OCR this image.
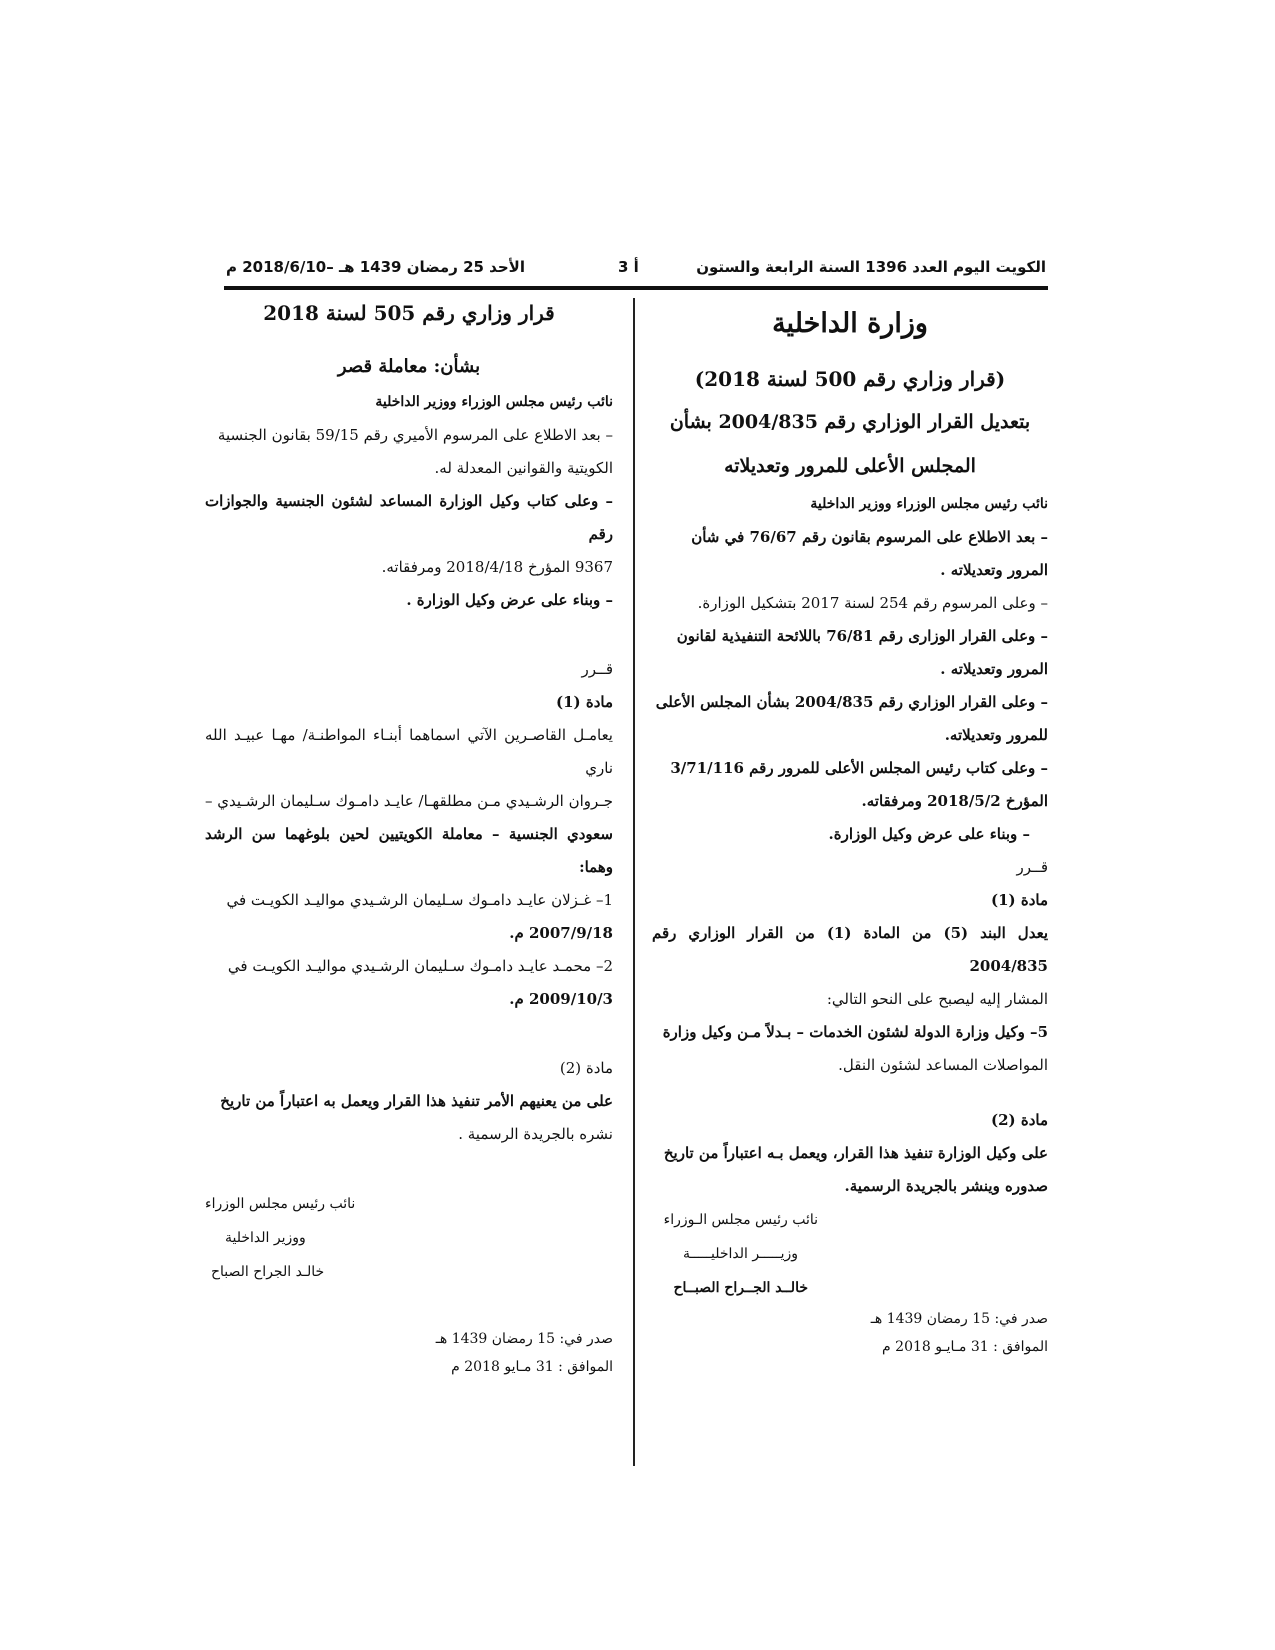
الكويت اليوم العدد 1396 السنة الرابعة والستون
أ 3
الأحد 25 رمضان 1439 هـ –2018/6/10 م

وزارة الداخلية

(قرار وزاري رقم 500 لسنة 2018)

بتعديل القرار الوزاري رقم 2004/835 بشأن

المجلس الأعلى للمرور وتعديلاته

نائب رئيس مجلس الوزراء ووزير الداخلية

– بعد الاطلاع على المرسوم بقانون رقم 76/67 في شأن

المرور وتعديلاته .

– وعلى المرسوم رقم 254 لسنة 2017 بتشكيل الوزارة.

– وعلى القرار الوزارى رقم 76/81 باللائحة التنفيذية لقانون

المرور وتعديلاته .

– وعلى القرار الوزاري رقم 2004/835 بشأن المجلس الأعلى

للمرور وتعديلاته.

– وعلى كتاب رئيس المجلس الأعلى للمرور رقم 3/71/116

المؤرخ 2018/5/2 ومرفقاته.

– وبناء على عرض وكيل الوزارة.

قــرر

مادة (1)

يعدل البند (5) من المادة (1) من القرار الوزاري رقم 2004/835

المشار إليه ليصبح على النحو التالي:

5– وكيل وزارة الدولة لشئون الخدمات – بـدلاً مـن وكيل وزارة

المواصلات المساعد لشئون النقل.

مادة (2)

على وكيل الوزارة تنفيذ هذا القرار، ويعمل بـه اعتباراً من تاريخ

صدوره وينشر بالجريدة الرسمية.

نائب رئيس مجلس الـوزراء

وزيـــــر الداخليـــــة

خالــد الجــراح الصبــاح

صدر في: 15 رمضان 1439 هـ

الموافق : 31 مـايـو 2018 م

قرار وزاري رقم 505 لسنة 2018

بشأن: معاملة قصر

نائب رئيس مجلس الوزراء ووزير الداخلية

– بعد الاطلاع على المرسوم الأميري رقم 59/15 بقانون الجنسية

الكويتية والقوانين المعدلة له.

– وعلى كتاب وكيل الوزارة المساعد لشئون الجنسية والجوازات رقم

9367 المؤرخ 2018/4/18 ومرفقاته.

– وبناء على عرض وكيل الوزارة .

قــرر

مادة (1)

يعامـل القاصـرين الآتي اسماهما أبنـاء المواطنـة/ مهـا عبيـد الله ناري

جـروان الرشـيدي مـن مطلقهـا/ عايـد دامـوك سـليمان الرشـيدي –

سعودي الجنسية – معاملة الكويتيين لحين بلوغهما سن الرشد وهما:

1– غـزلان عايـد دامـوك سـليمان الرشـيدي مواليـد الكويـت في

2007/9/18 م.

2– محمـد عايـد دامـوك سـليمان الرشـيدي مواليـد الكويـت في

2009/10/3 م.

مادة (2)

على من يعنيهم الأمر تنفيذ هذا القرار ويعمل به اعتباراً من تاريخ

نشره بالجريدة الرسمية .

نائب رئيس مجلس الوزراء

ووزير الداخلية

خالـد الجراح الصباح

صدر في: 15 رمضان 1439 هـ

الموافق : 31 مـايو 2018 م
